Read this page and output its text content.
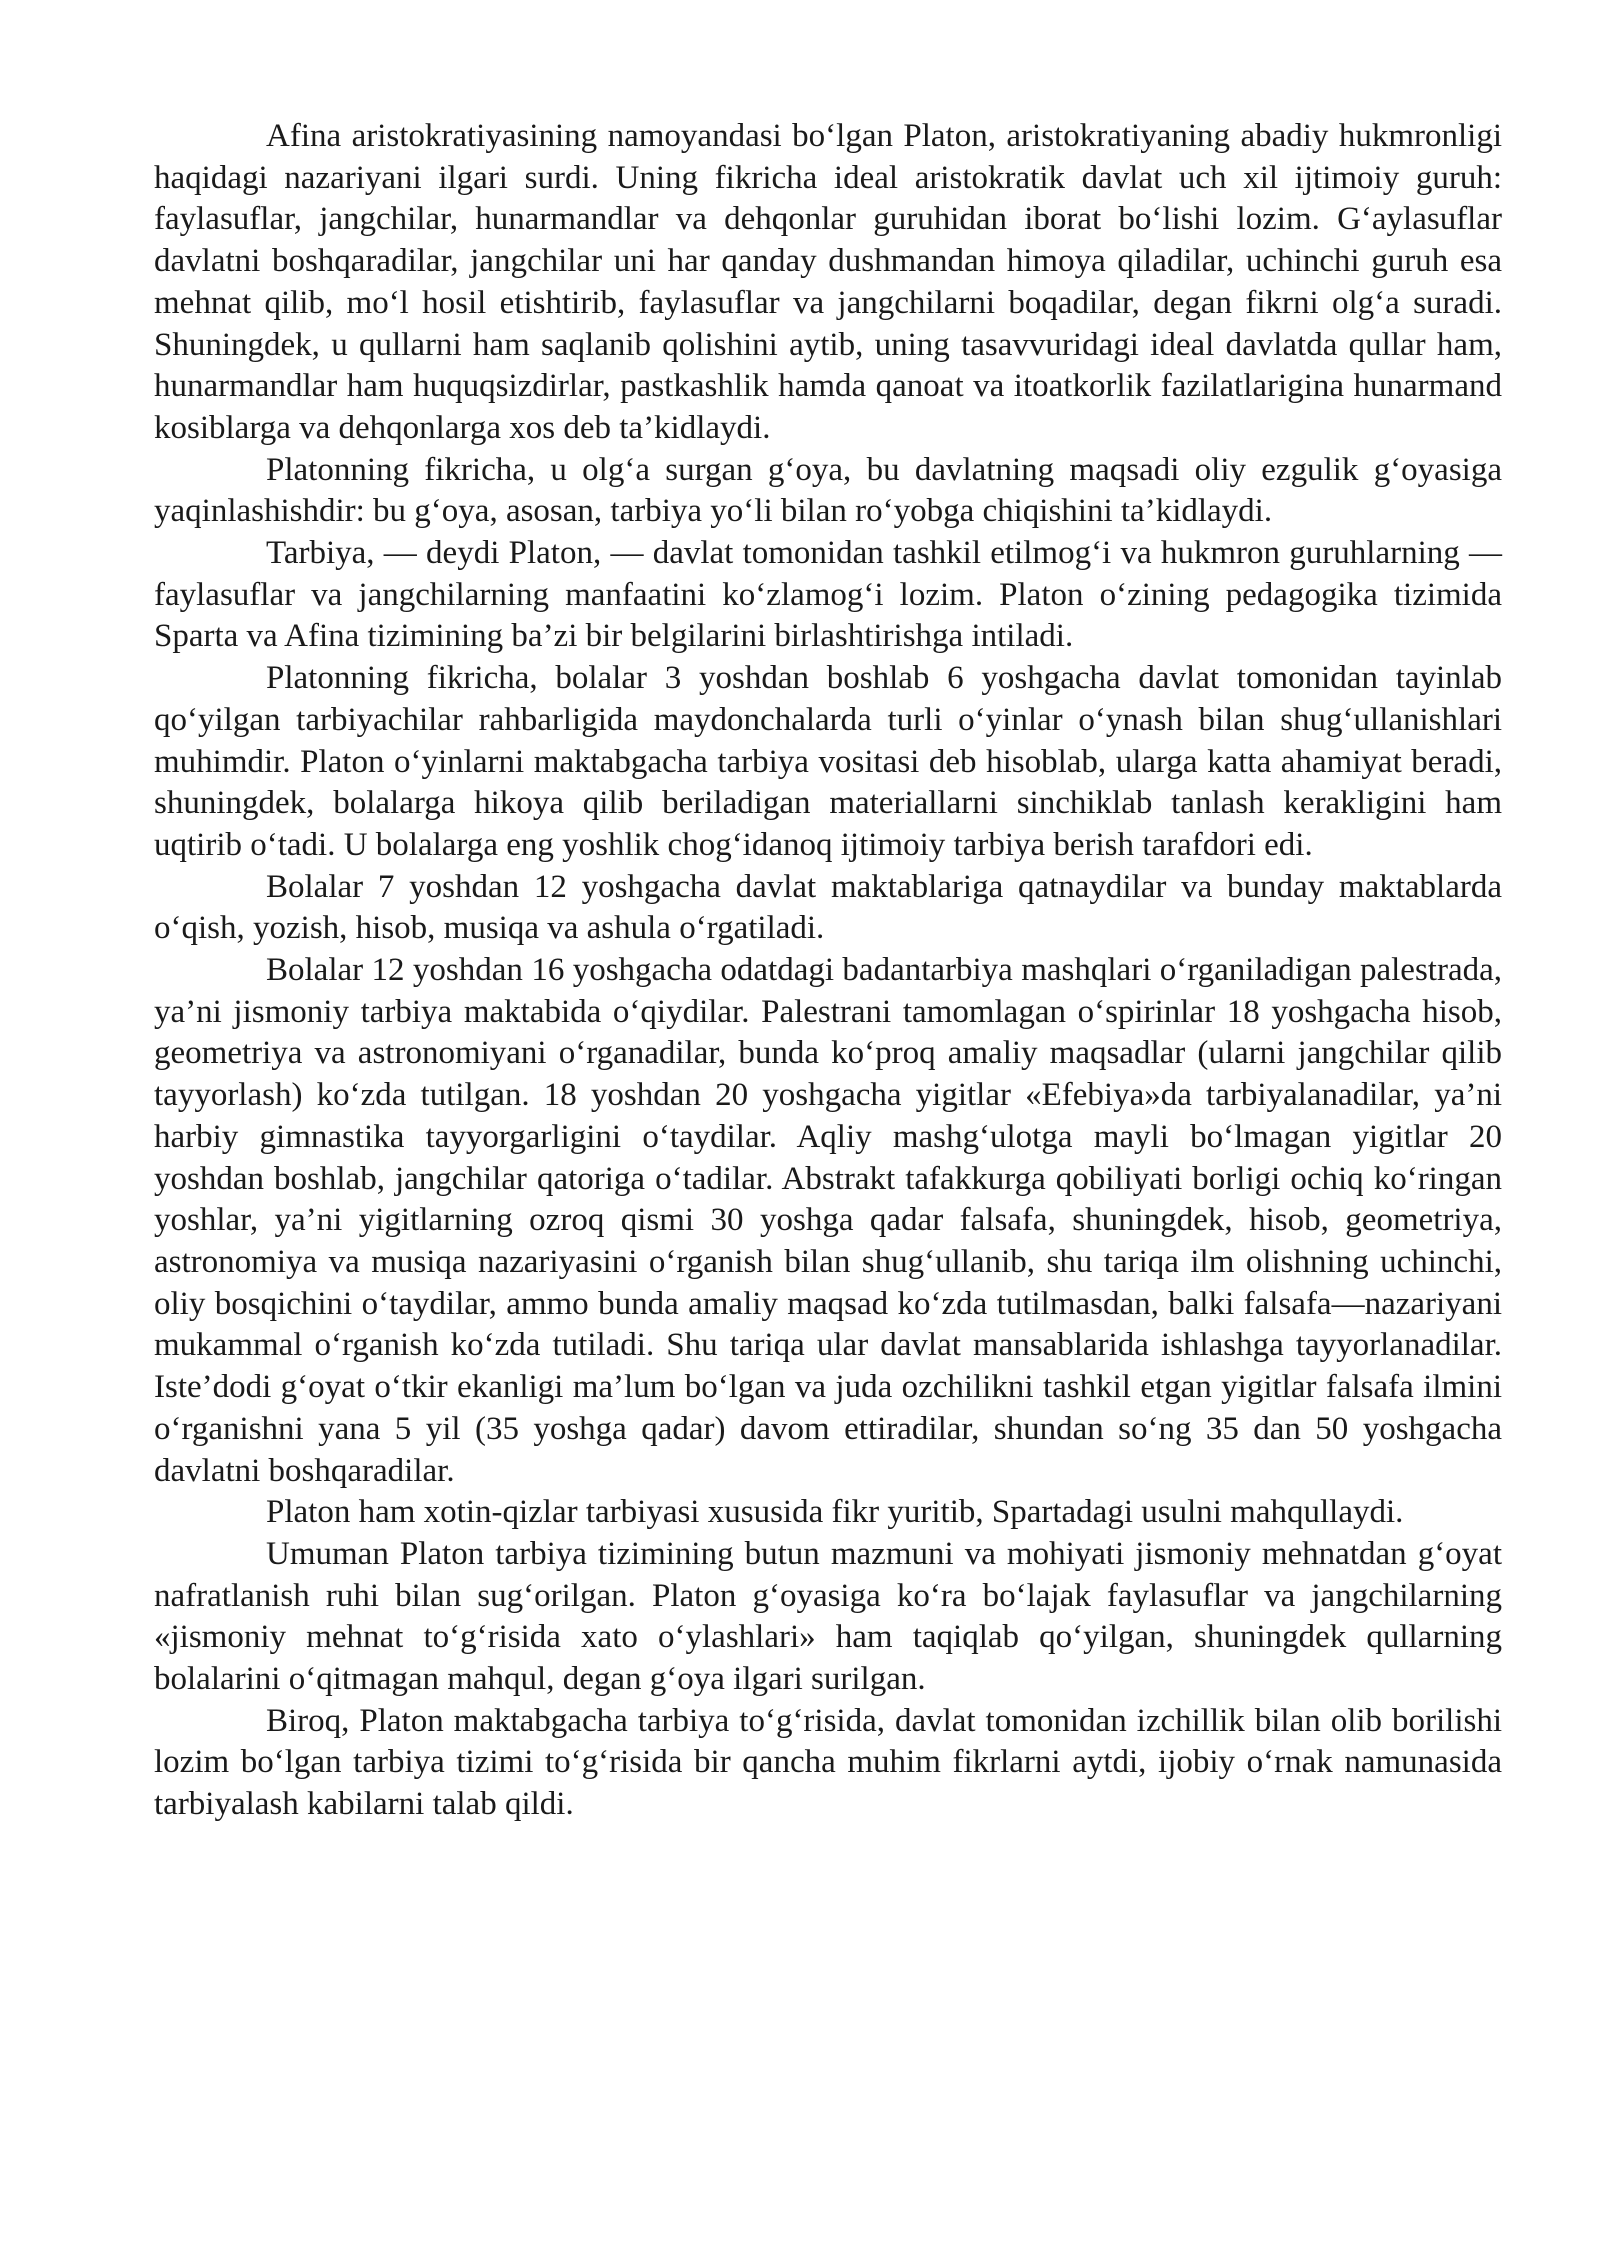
Afina aristokratiyasining namoyandasi bo‘lgan Platon, aristokratiyaning abadiy hukmronligi haqidagi nazariyani ilgari surdi. Uning fikricha ideal aristokratik davlat uch xil ijtimoiy guruh: faylasuflar, jangchilar, hunarmandlar va dehqonlar guruhidan iborat bo‘lishi lozim. G‘aylasuflar davlatni boshqaradilar, jangchilar uni har qanday dushmandan himoya qiladilar, uchinchi guruh esa mehnat qilib, mo‘l hosil etishtirib, faylasuflar va jangchilarni boqadilar, degan fikrni olg‘a suradi. Shuningdek, u qullarni ham saqlanib qolishini aytib, uning tasavvuridagi ideal davlatda qullar ham, hunarmandlar ham huquqsizdirlar, pastkashlik hamda qanoat va itoatkorlik fazilatlarigina hunarmand kosiblarga va dehqonlarga xos deb ta’kidlaydi.

Platonning fikricha, u olg‘a surgan g‘oya, bu davlatning maqsadi oliy ezgulik g‘oyasiga yaqinlashishdir: bu g‘oya, asosan, tarbiya yo‘li bilan ro‘yobga chiqishini ta’kidlaydi.

Tarbiya, — deydi Platon, — davlat tomonidan tashkil etilmog‘i va hukmron guruhlarning — faylasuflar va jangchilarning manfaatini ko‘zlamog‘i lozim. Platon o‘zining pedagogika tizimida Sparta va Afina tizimining ba’zi bir belgilarini birlashtirishga intiladi.

Platonning fikricha, bolalar 3 yoshdan boshlab 6 yoshgacha davlat tomonidan tayinlab qo‘yilgan tarbiyachilar rahbarligida maydonchalarda turli o‘yinlar o‘ynash bilan shug‘ullanishlari muhimdir. Platon o‘yinlarni maktabgacha tarbiya vositasi deb hisoblab, ularga katta ahamiyat beradi, shuningdek, bolalarga hikoya qilib beriladigan materiallarni sinchiklab tanlash kerakligini ham uqtirib o‘tadi. U bolalarga eng yoshlik chog‘idanoq ijtimoiy tarbiya berish tarafdori edi.

Bolalar 7 yoshdan 12 yoshgacha davlat maktablariga qatnaydilar va bunday maktablarda o‘qish, yozish, hisob, musiqa va ashula o‘rgatiladi.

Bolalar 12 yoshdan 16 yoshgacha odatdagi badantarbiya mashqlari o‘rganiladigan palestrada, ya’ni jismoniy tarbiya maktabida o‘qiydilar. Palestrani tamomlagan o‘spirinlar 18 yoshgacha hisob, geometriya va astronomiyani o‘rganadilar, bunda ko‘proq amaliy maqsadlar (ularni jangchilar qilib tayyorlash) ko‘zda tutilgan. 18 yoshdan 20 yoshgacha yigitlar «Efebiya»da tarbiyalanadilar, ya’ni harbiy gimnastika tayyorgarligini o‘taydilar. Aqliy mashg‘ulotga mayli bo‘lmagan yigitlar 20 yoshdan boshlab, jangchilar qatoriga o‘tadilar. Abstrakt tafakkurga qobiliyati borligi ochiq ko‘ringan yoshlar, ya’ni yigitlarning ozroq qismi 30 yoshga qadar falsafa, shuningdek, hisob, geometriya, astronomiya va musiqa nazariyasini o‘rganish bilan shug‘ullanib, shu tariqa ilm olishning uchinchi, oliy bosqichini o‘taydilar, ammo bunda amaliy maqsad ko‘zda tutilmasdan, balki falsafa—nazariyani mukammal o‘rganish ko‘zda tutiladi. Shu tariqa ular davlat mansablarida ishlashga tayyorlanadilar. Iste’dodi g‘oyat o‘tkir ekanligi ma’lum bo‘lgan va juda ozchilikni tashkil etgan yigitlar falsafa ilmini o‘rganishni yana 5 yil (35 yoshga qadar) davom ettiradilar, shundan so‘ng 35 dan 50 yoshgacha davlatni boshqaradilar.

Platon ham xotin-qizlar tarbiyasi xususida fikr yuritib, Spartadagi usulni mahqullaydi.

Umuman Platon tarbiya tizimining butun mazmuni va mohiyati jismoniy mehnatdan g‘oyat nafratlanish ruhi bilan sug‘orilgan. Platon g‘oyasiga ko‘ra bo‘lajak faylasuflar va jangchilarning «jismoniy mehnat to‘g‘risida xato o‘ylashlari» ham taqiqlab qo‘yilgan, shuningdek qullarning bolalarini o‘qitmagan mahqul, degan g‘oya ilgari surilgan.

Biroq, Platon maktabgacha tarbiya to‘g‘risida, davlat tomonidan izchillik bilan olib borilishi lozim bo‘lgan tarbiya tizimi to‘g‘risida bir qancha muhim fikrlarni aytdi, ijobiy o‘rnak namunasida tarbiyalash kabilarni talab qildi.
